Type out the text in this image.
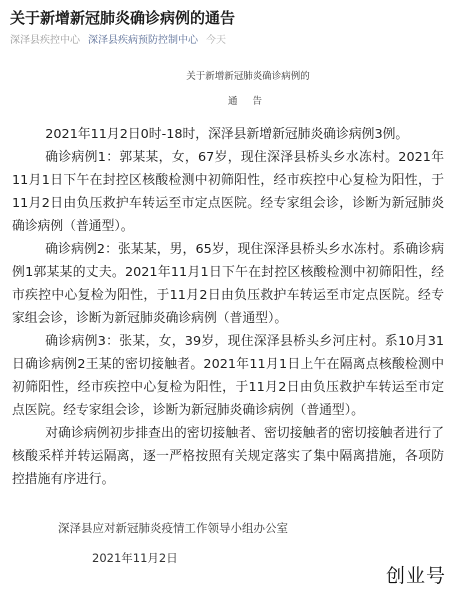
关于新增新冠肺炎确诊病例的通告
深泽县疾控中心 深泽县疾病预防控制中心 今天
关于新增新冠肺炎确诊病例的
通 告

2021年11月2日0时-18时，深泽县新增新冠肺炎确诊病例3例。

确诊病例1：郭某某，女，67岁，现住深泽县桥头乡水冻村。2021年11月1日下午在封控区核酸检测中初筛阳性，经市疾控中心复检为阳性，于11月2日由负压救护车转运至市定点医院。经专家组会诊，诊断为新冠肺炎确诊病例（普通型）。

确诊病例2：张某某，男，65岁，现住深泽县桥头乡水冻村。系确诊病例1郭某某的丈夫。2021年11月1日下午在封控区核酸检测中初筛阳性，经市疾控中心复检为阳性，于11月2日由负压救护车转运至市定点医院。经专家组会诊，诊断为新冠肺炎确诊病例（普通型）。

确诊病例3：张某，女，39岁，现住深泽县桥头乡河庄村。系10月31日确诊病例2王某的密切接触者。2021年11月1日上午在隔离点核酸检测中初筛阳性，经市疾控中心复检为阳性，于11月2日由负压救护车转运至市定点医院。经专家组会诊，诊断为新冠肺炎确诊病例（普通型）。

对确诊病例初步排查出的密切接触者、密切接触者的密切接触者进行了核酸采样并转运隔离，逐一严格按照有关规定落实了集中隔离措施，各项防控措施有序进行。

深泽县应对新冠肺炎疫情工作领导小组办公室
2021年11月2日
创业号
